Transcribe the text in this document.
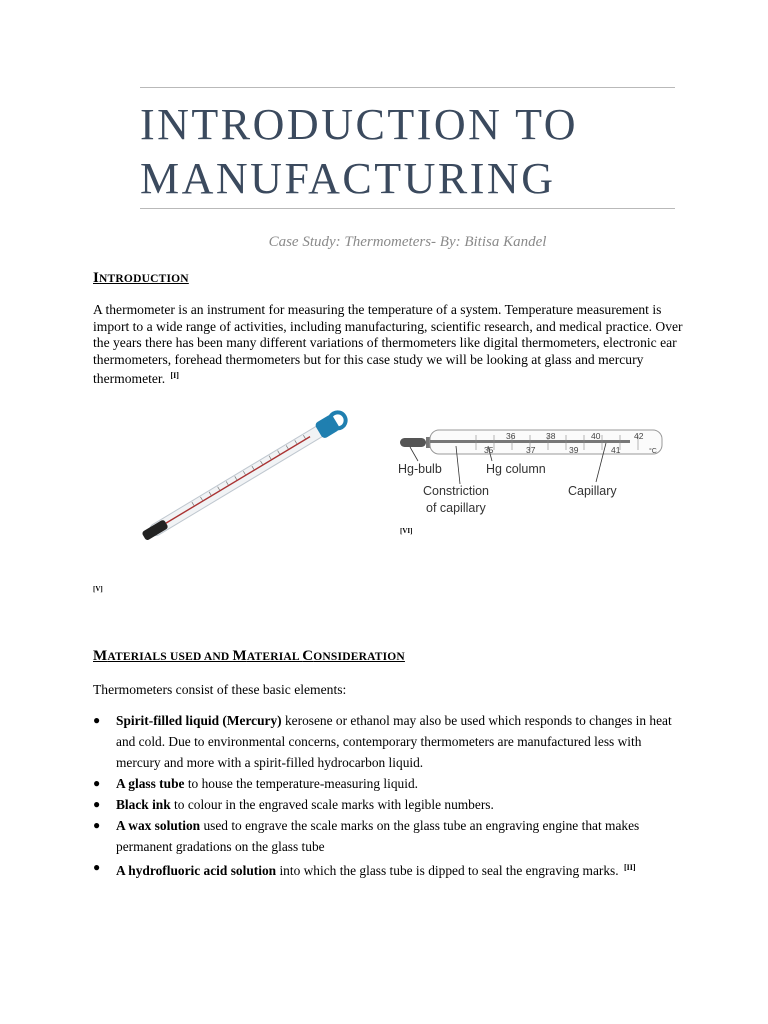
INTRODUCTION TO
MANUFACTURING
Case Study: Thermometers- By: Bitisa Kandel
INTRODUCTION
A thermometer is an instrument for measuring the temperature of a system. Temperature measurement is import to a wide range of activities, including manufacturing, scientific research, and medical practice. Over the years there has been many different variations of thermometers like digital thermometers, electronic ear thermometers, forehead thermometers but for this case study we will be looking at glass and mercury thermometer. [I]
[V]
36	38	40	42
35	37	39	41	°C
Hg-bulb	Hg column
Constriction
of capillary
Capillary
[VI]
MATERIALS USED AND MATERIAL CONSIDERATION
Thermometers consist of these basic elements:
● Spirit-filled liquid (Mercury) kerosene or ethanol may also be used which responds to changes in heat and cold. Due to environmental concerns, contemporary thermometers are manufactured less with mercury and more with a spirit-filled hydrocarbon liquid.
● A glass tube to house the temperature-measuring liquid.
● Black ink to colour in the engraved scale marks with legible numbers.
● A wax solution used to engrave the scale marks on the glass tube an engraving engine that makes permanent gradations on the glass tube
● A hydrofluoric acid solution into which the glass tube is dipped to seal the engraving marks. [II]
